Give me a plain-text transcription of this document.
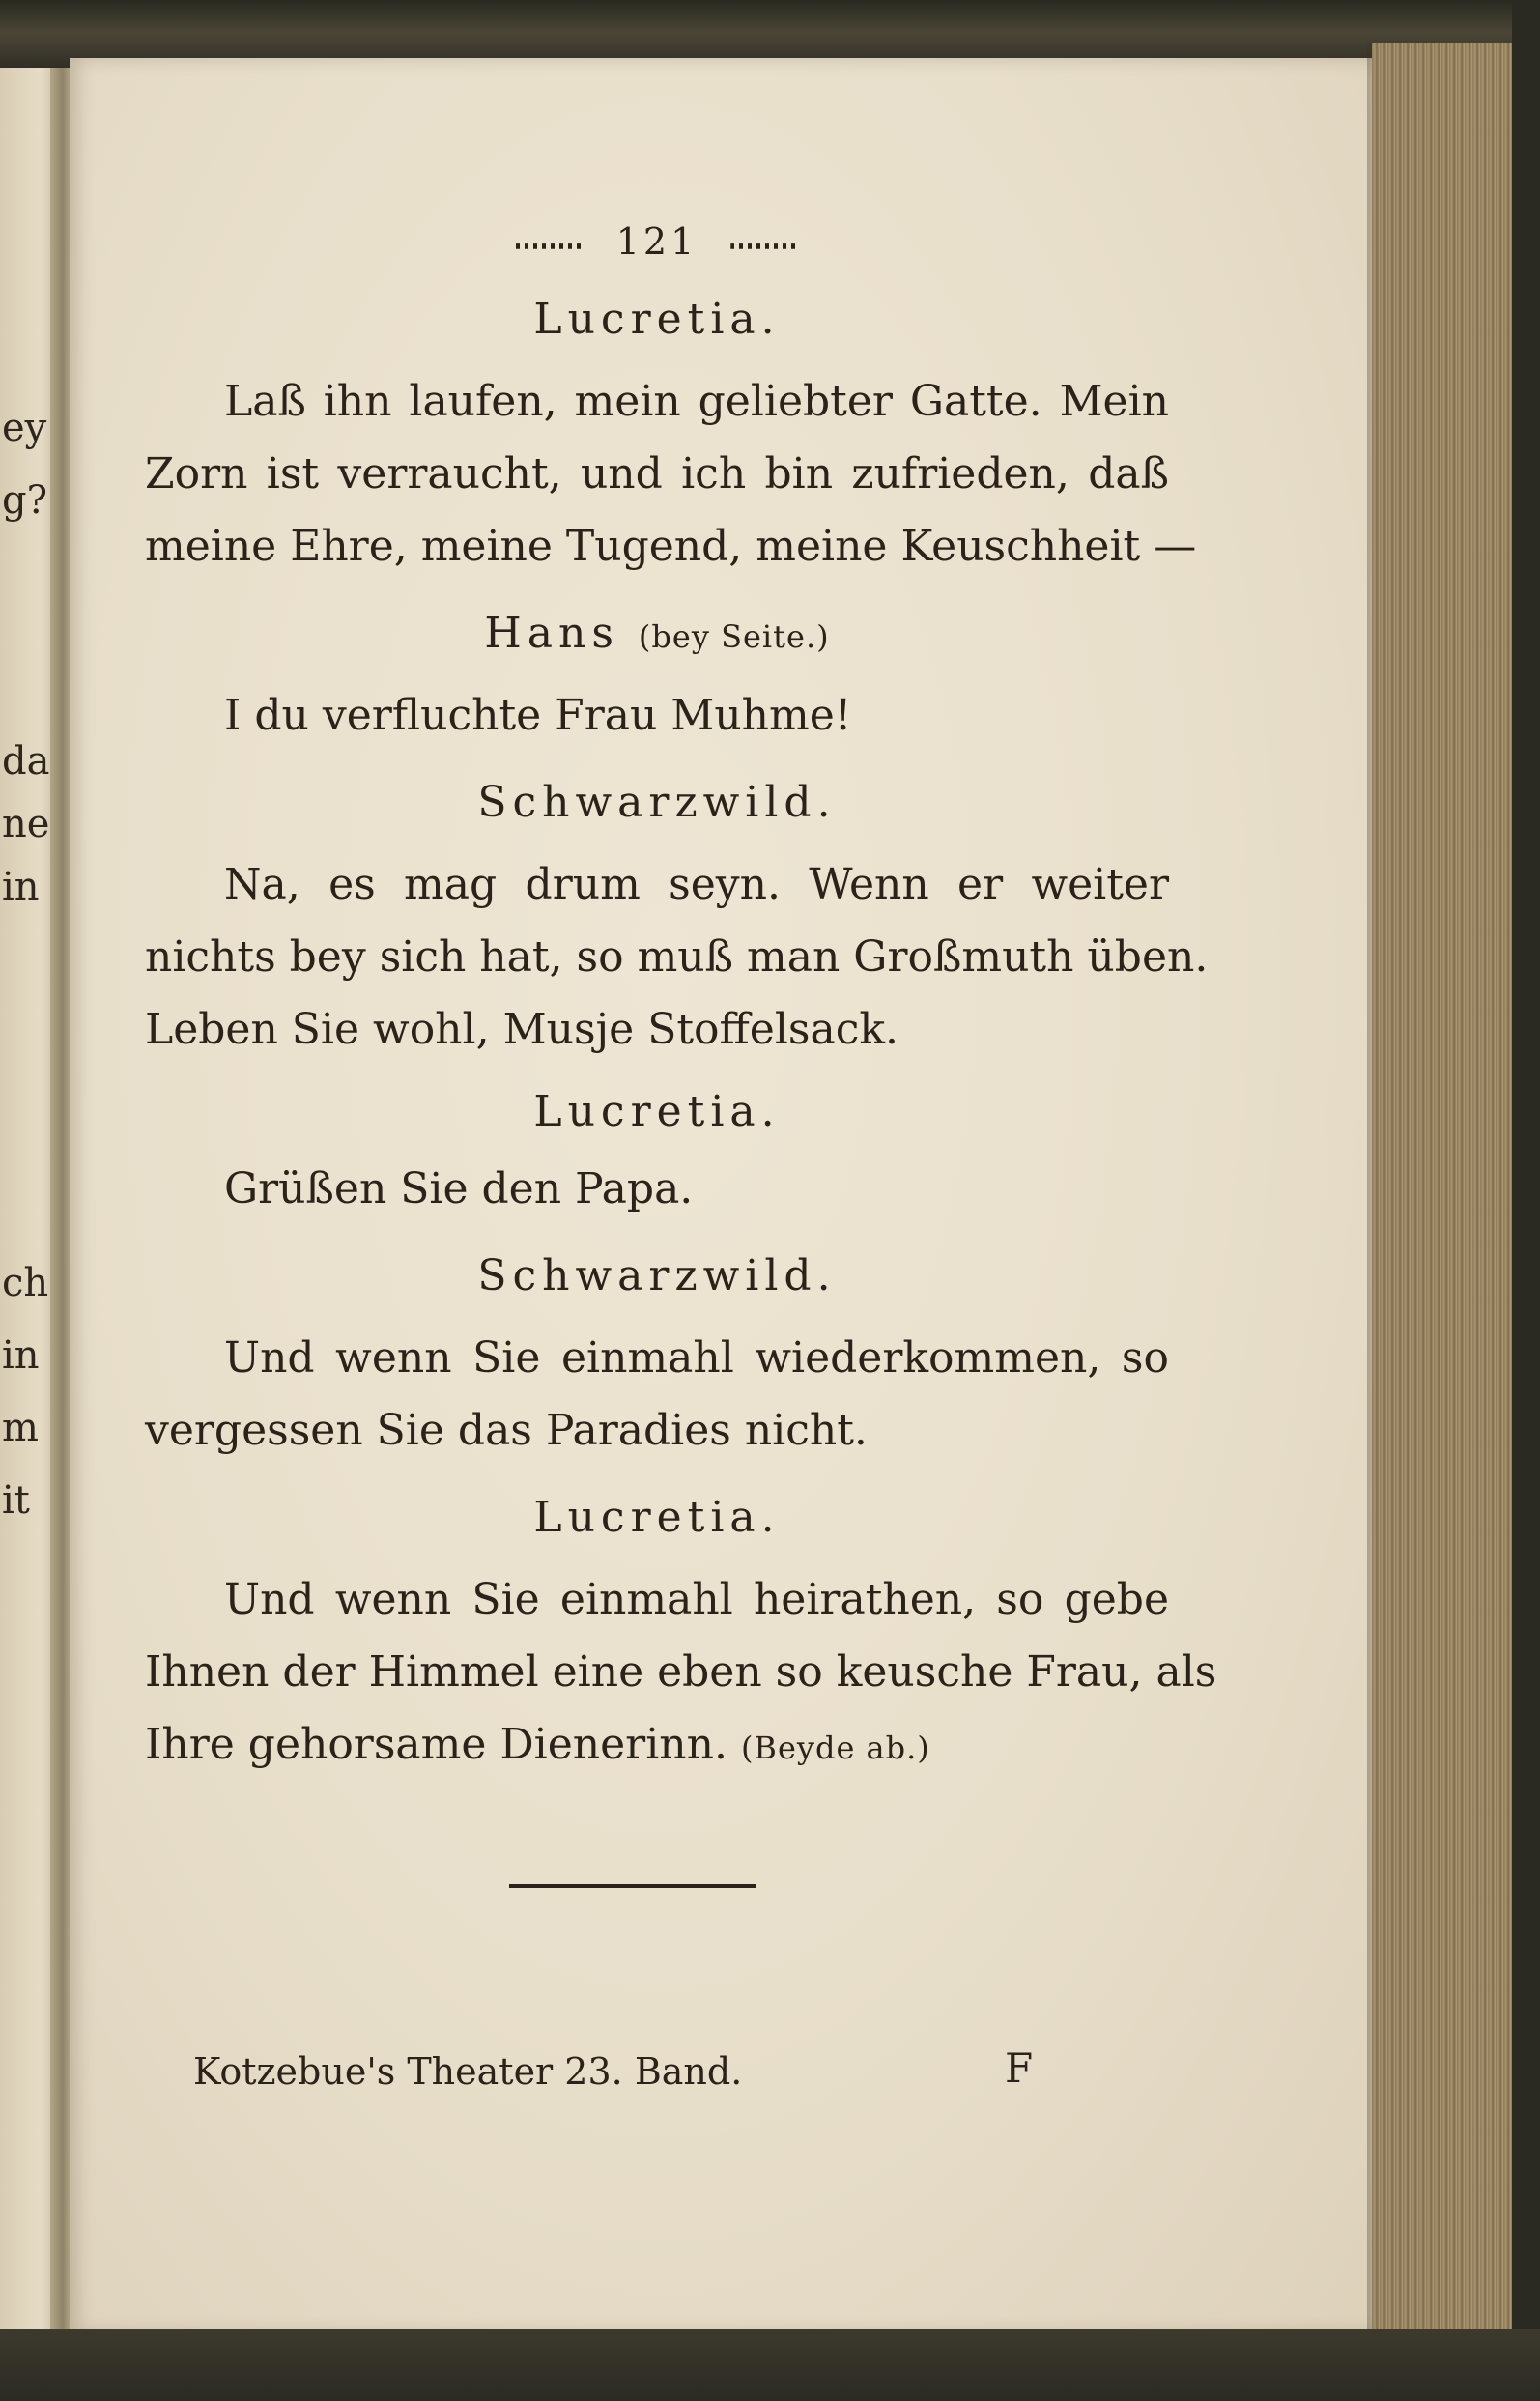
ey
g?
da
ne
in
ch
in
m
it
121
Lucretia.
Laß ihn laufen, mein geliebter Gatte. Mein
Zorn ist verraucht, und ich bin zufrieden, daß
meine Ehre, meine Tugend, meine Keuschheit —
Hans (bey Seite.)
I du verfluchte Frau Muhme!
Schwarzwild.
Na, es mag drum seyn. Wenn er weiter
nichts bey sich hat, so muß man Großmuth üben.
Leben Sie wohl, Musje Stoffelsack.
Lucretia.
Grüßen Sie den Papa.
Schwarzwild.
Und wenn Sie einmahl wiederkommen, so
vergessen Sie das Paradies nicht.
Lucretia.
Und wenn Sie einmahl heirathen, so gebe
Ihnen der Himmel eine eben so keusche Frau, als
Ihre gehorsame Dienerinn. (Beyde ab.)
Kotzebue's Theater 23. Band.	F
